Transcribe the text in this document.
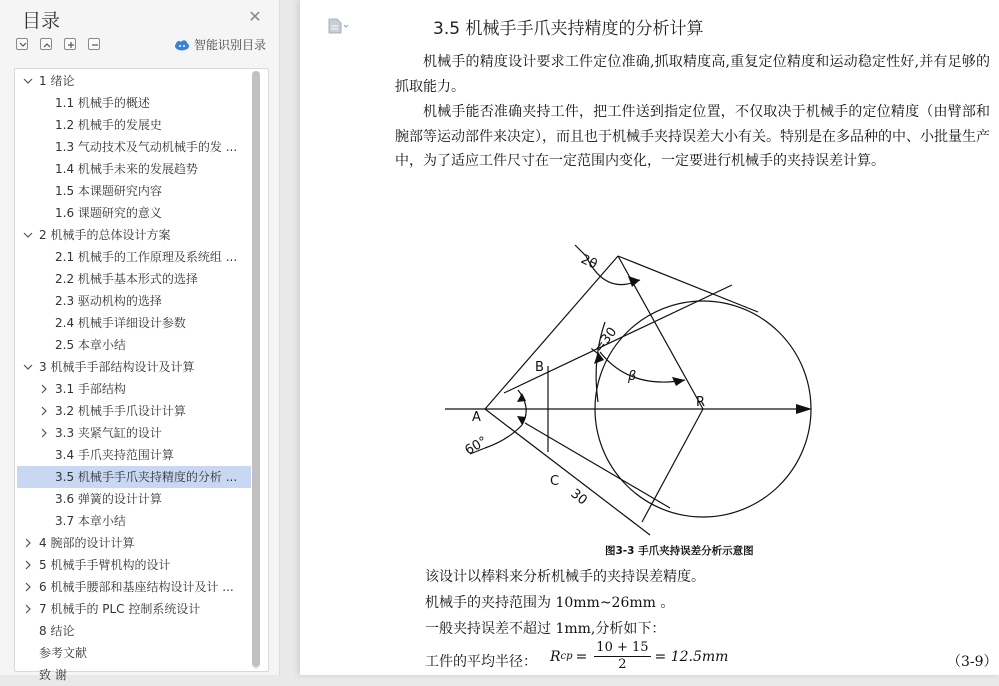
目录	✕
智能识别目录
1 绪论
1.1 机械手的概述
1.2 机械手的发展史
1.3 气动技术及气动机械手的发 ...
1.4 机械手未来的发展趋势
1.5 本课题研究内容
1.6 课题研究的意义
2 机械手的总体设计方案
2.1 机械手的工作原理及系统组 ...
2.2 机械手基本形式的选择
2.3 驱动机构的选择
2.4 机械手详细设计参数
2.5 本章小结
3 机械手手部结构设计及计算
3.1 手部结构
3.2 机械手手爪设计计算
3.3 夹紧气缸的设计
3.4 手爪夹持范围计算
3.5 机械手手爪夹持精度的分析 ...
3.6 弹簧的设计计算
3.7 本章小结
4 腕部的设计计算
5 机械手手臂机构的设计
6 机械手腰部和基座结构设计及计 ...
7 机械手的 PLC 控制系统设计
8 结论
参考文献
致 谢
3.5 机械手手爪夹持精度的分析计算
机械手的精度设计要求工件定位准确,抓取精度高,重复定位精度和运动稳定性好,并有足够的抓取能力。
机械手能否准确夹持工件，把工件送到指定位置，不仅取决于机械手的定位精度（由臂部和腕部等运动部件来决定），而且也于机械手夹持误差大小有关。特别是在多品种的中、小批量生产中，为了适应工件尺寸在一定范围内变化，一定要进行机械手的夹持误差计算。
A
B
C
R
l=30
30
2θ
β
60°
图3-3 手爪夹持误差分析示意图
该设计以棒料来分析机械手的夹持误差精度。
机械手的夹持范围为 10mm~26mm 。
一般夹持误差不超过 1mm,分析如下：
工件的平均半径： R cp = $\frac{10 + 15}{2} = 12.5mm$	（3-9）
